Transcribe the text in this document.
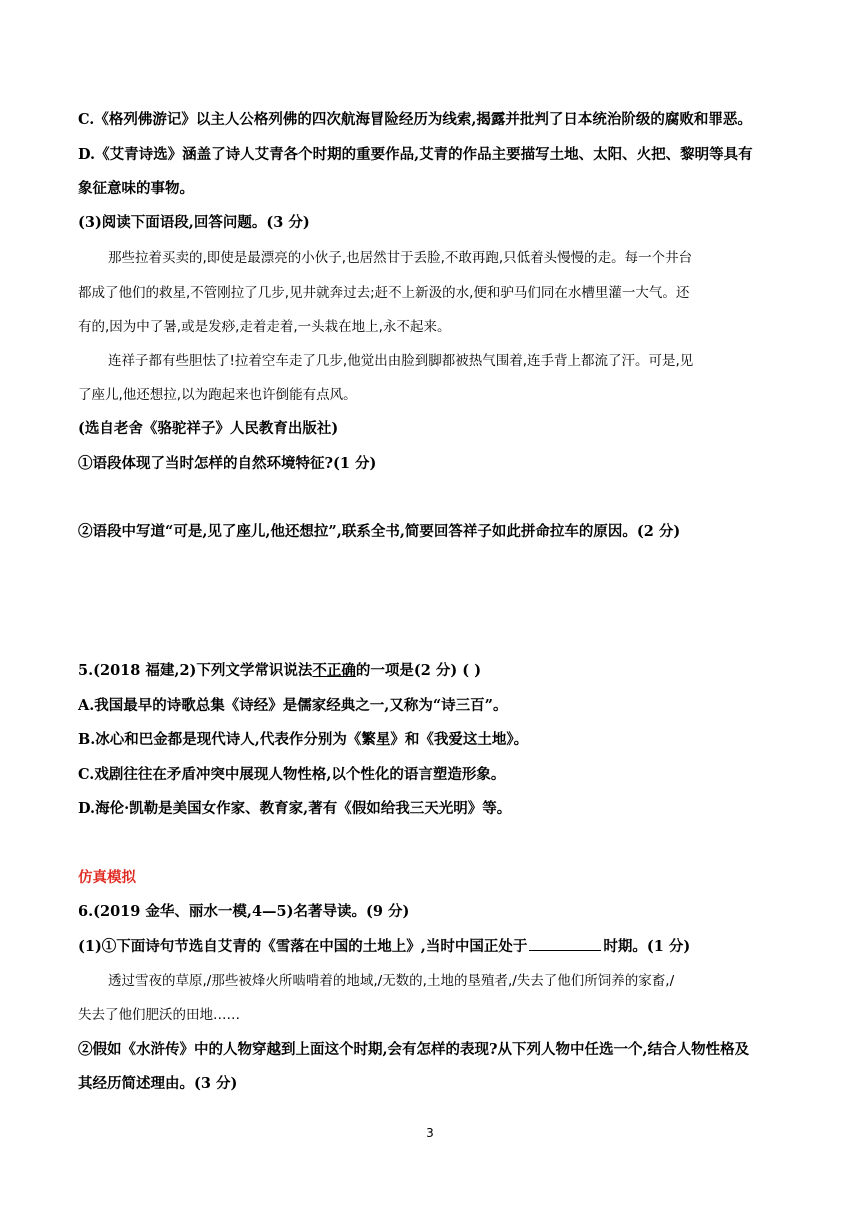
C.《格列佛游记》以主人公格列佛的四次航海冒险经历为线索,揭露并批判了日本统治阶级的腐败和罪恶。
D.《艾青诗选》涵盖了诗人艾青各个时期的重要作品,艾青的作品主要描写土地、太阳、火把、黎明等具有
象征意味的事物。
(3)阅读下面语段,回答问题。(3 分)
那些拉着买卖的,即使是最漂亮的小伙子,也居然甘于丢脸,不敢再跑,只低着头慢慢的走。每一个井台
都成了他们的救星,不管刚拉了几步,见井就奔过去;赶不上新汲的水,便和驴马们同在水槽里灌一大气。还
有的,因为中了暑,或是发痧,走着走着,一头栽在地上,永不起来。
连祥子都有些胆怯了!拉着空车走了几步,他觉出由脸到脚都被热气围着,连手背上都流了汗。可是,见
了座儿,他还想拉,以为跑起来也许倒能有点风。
(选自老舍《骆驼祥子》人民教育出版社)
①语段体现了当时怎样的自然环境特征?(1 分)
②语段中写道“可是,见了座儿,他还想拉”,联系全书,简要回答祥子如此拼命拉车的原因。(2 分)
5.(2018 福建,2)下列文学常识说法不正确的一项是(2 分) ( )
A.我国最早的诗歌总集《诗经》是儒家经典之一,又称为“诗三百”。
B.冰心和巴金都是现代诗人,代表作分别为《繁星》和《我爱这土地》。
C.戏剧往往在矛盾冲突中展现人物性格,以个性化的语言塑造形象。
D.海伦·凯勒是美国女作家、教育家,著有《假如给我三天光明》等。
仿真模拟
6.(2019 金华、丽水一模,4—5)名著导读。(9 分)
(1)①下面诗句节选自艾青的《雪落在中国的土地上》,当时中国正处于	时期。(1 分)
透过雪夜的草原,/那些被烽火所啮啃着的地域,/无数的,土地的垦殖者,/失去了他们所饲养的家畜,/
失去了他们肥沃的田地……
②假如《水浒传》中的人物穿越到上面这个时期,会有怎样的表现?从下列人物中任选一个,结合人物性格及
其经历简述理由。(3 分)
3
